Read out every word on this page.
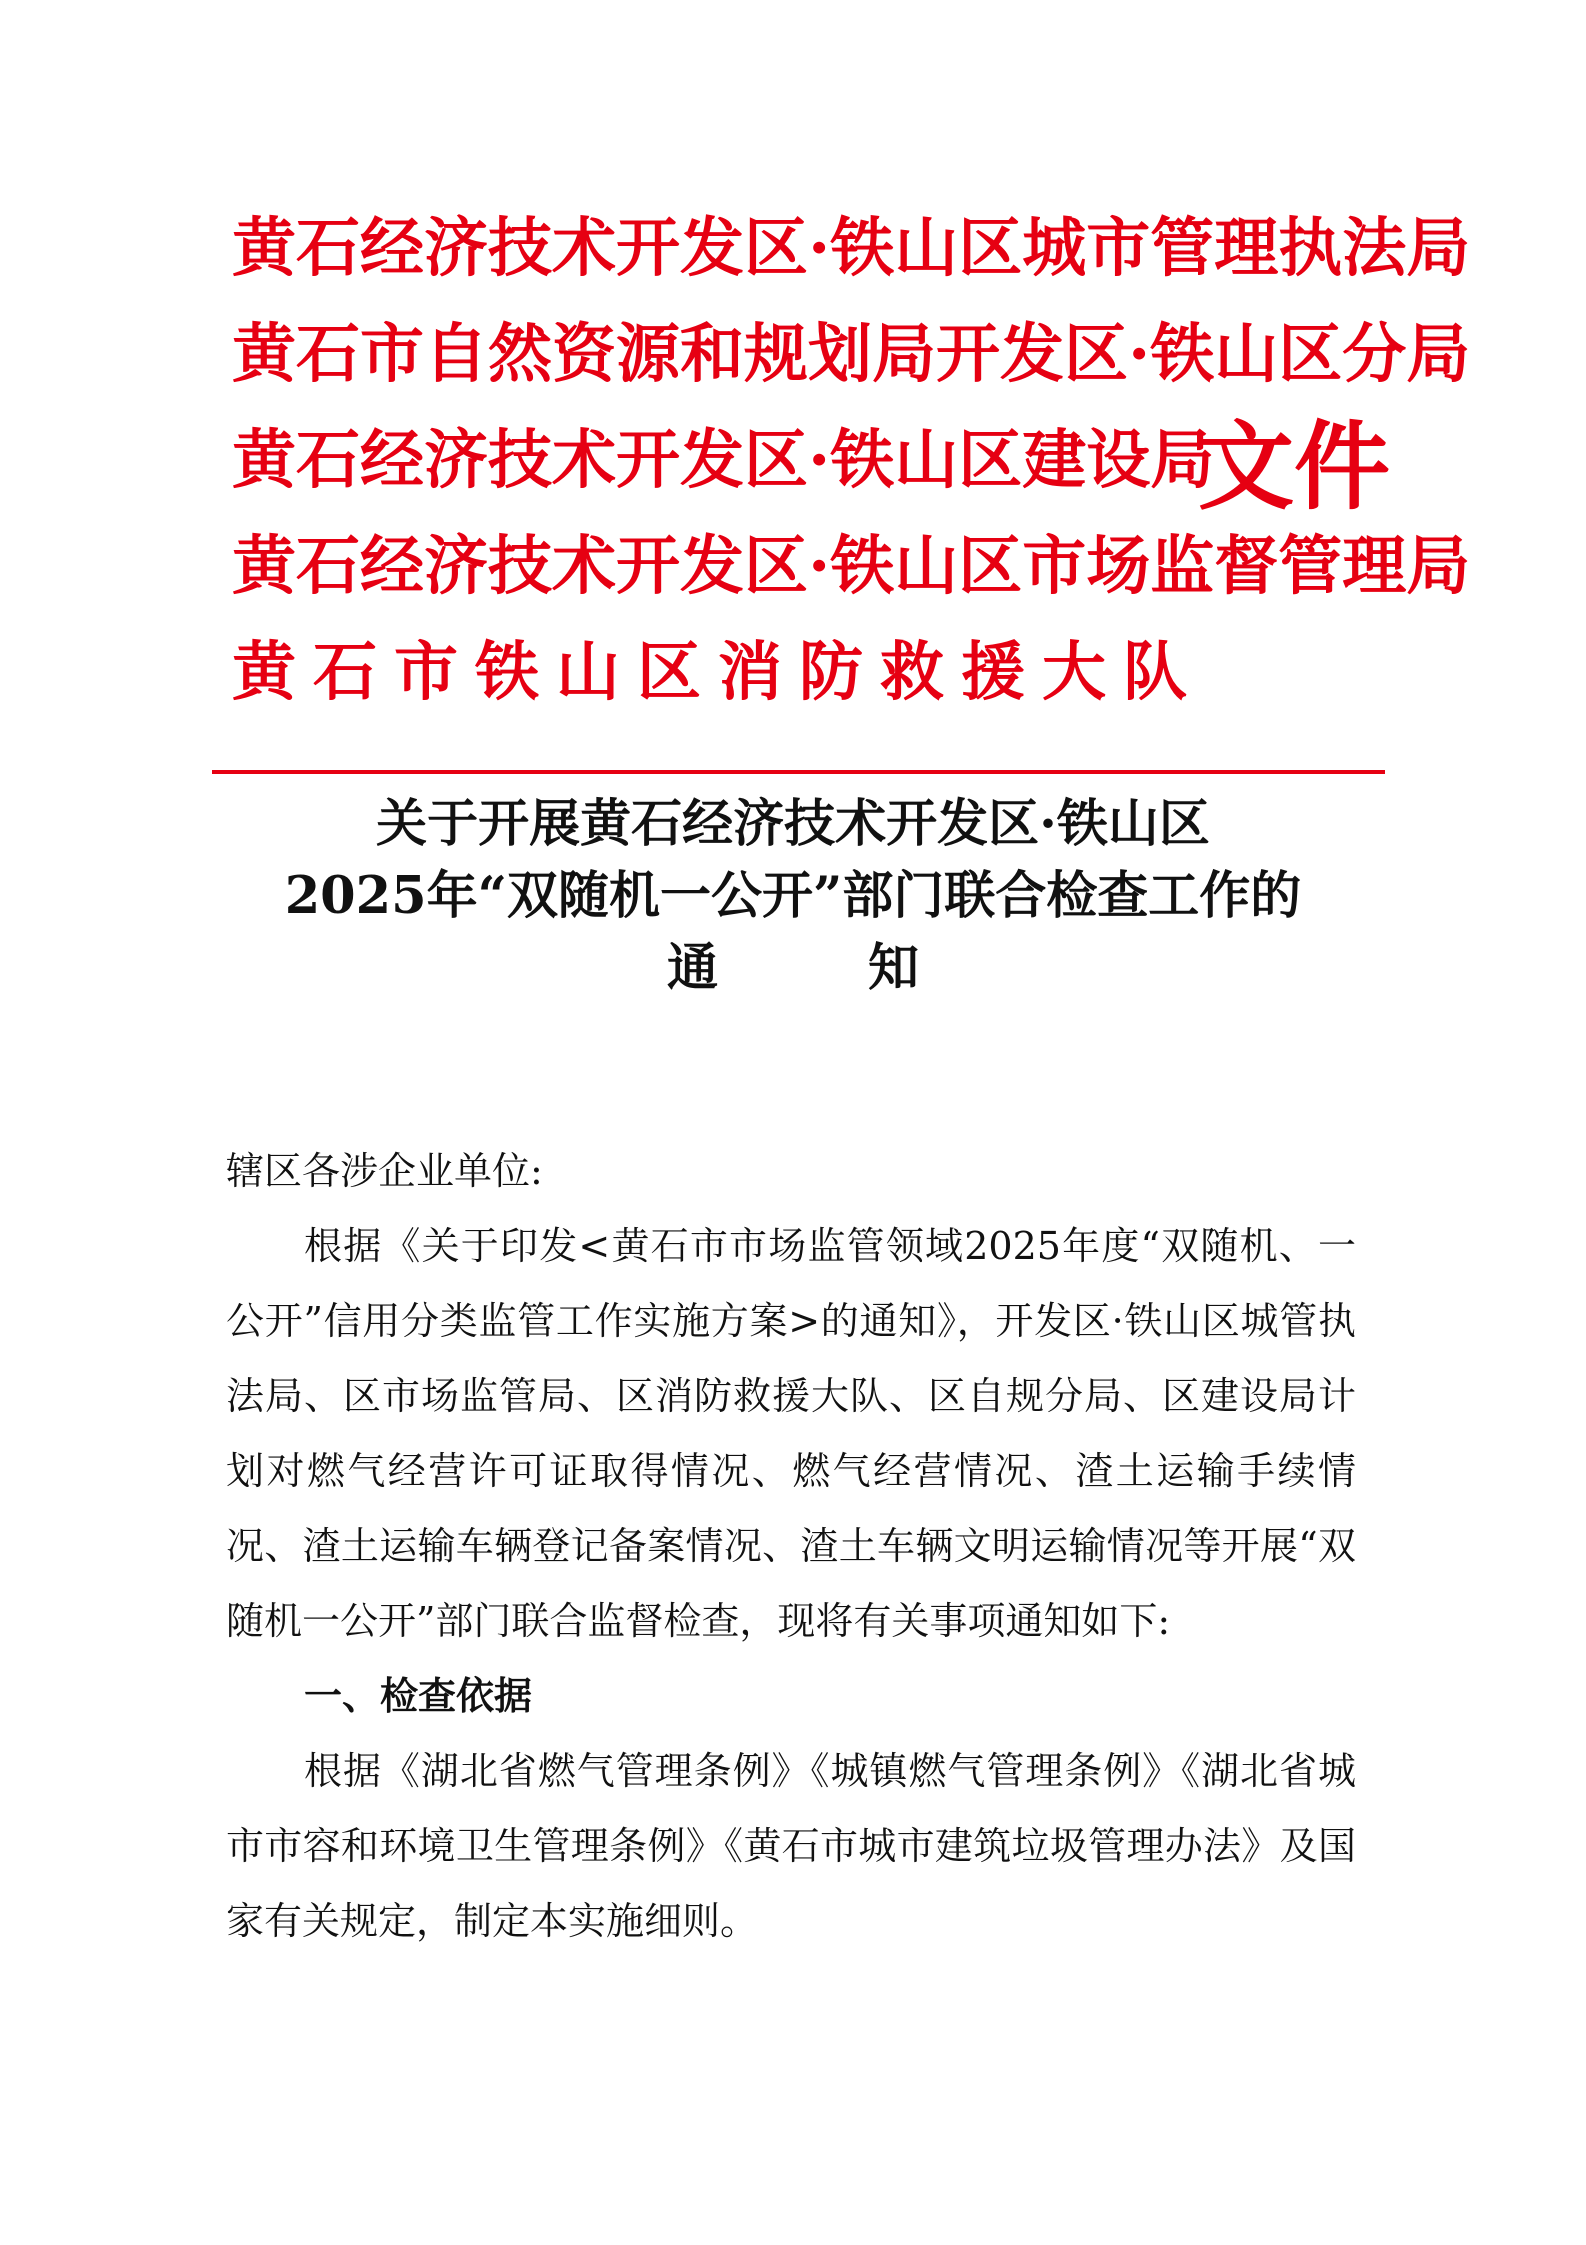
黄石经济技术开发区·铁山区城市管理执法局
黄石市自然资源和规划局开发区·铁山区分局
黄石经济技术开发区·铁山区建设局
黄石经济技术开发区·铁山区市场监督管理局
黄石市铁山区消防救援大队
文件
关于开展黄石经济技术开发区·铁山区
2025年“双随机一公开”部门联合检查工作的
通知

辖区各涉企业单位:

根据《关于印发<黄石市市场监管领域2025年度“双随机、一公开”信用分类监管工作实施方案>的通知》，开发区·铁山区城管执法局、区市场监管局、区消防救援大队、区自规分局、区建设局计划对燃气经营许可证取得情况、燃气经营情况、渣土运输手续情况、渣土运输车辆登记备案情况、渣土车辆文明运输情况等开展“双随机一公开”部门联合监督检查，现将有关事项通知如下:

一、检查依据

根据《湖北省燃气管理条例》《城镇燃气管理条例》《湖北省城市市容和环境卫生管理条例》《黄石市城市建筑垃圾管理办法》及国家有关规定，制定本实施细则。
